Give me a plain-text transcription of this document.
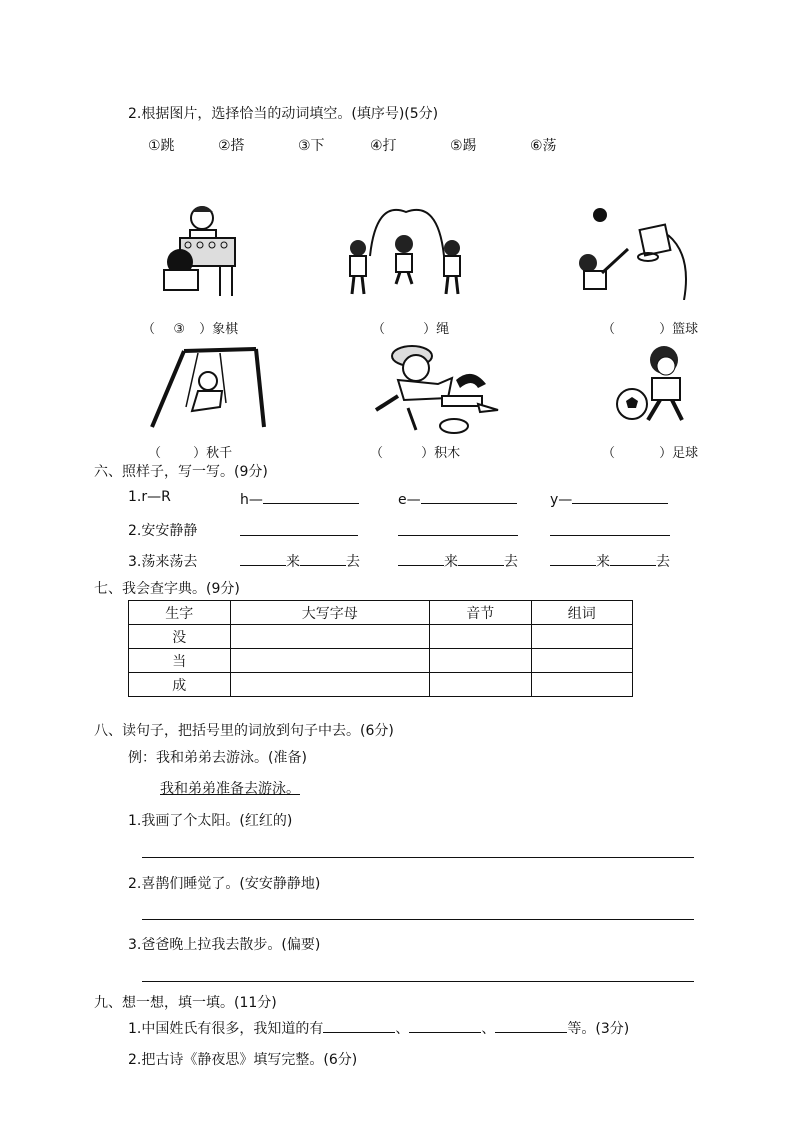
2.根据图片，选择恰当的动词填空。(填序号)(5分)
①跳	②搭	③下	④打	⑤踢	⑥荡
（ ③ ）象棋	（	）绳	（	）篮球
（ ）秋千	（	）积木	（	）足球
六、照样子，写一写。(9分)
1.r—R	h—	e—	y—
2.安安静静
3.荡来荡去	来	去	来	去	来	去
七、我会查字典。(9分)
生字	大写字母	音节	组词
没			
当			
成			
八、读句子，把括号里的词放到句子中去。(6分)
例：我和弟弟去游泳。(准备)
我和弟弟准备去游泳。
1.我画了个太阳。(红红的)
2.喜鹊们睡觉了。(安安静静地)
3.爸爸晚上拉我去散步。(偏要)
九、想一想，填一填。(11分)
1.中国姓氏有很多，我知道的有	、	、	等。(3分)
2.把古诗《静夜思》填写完整。(6分)
